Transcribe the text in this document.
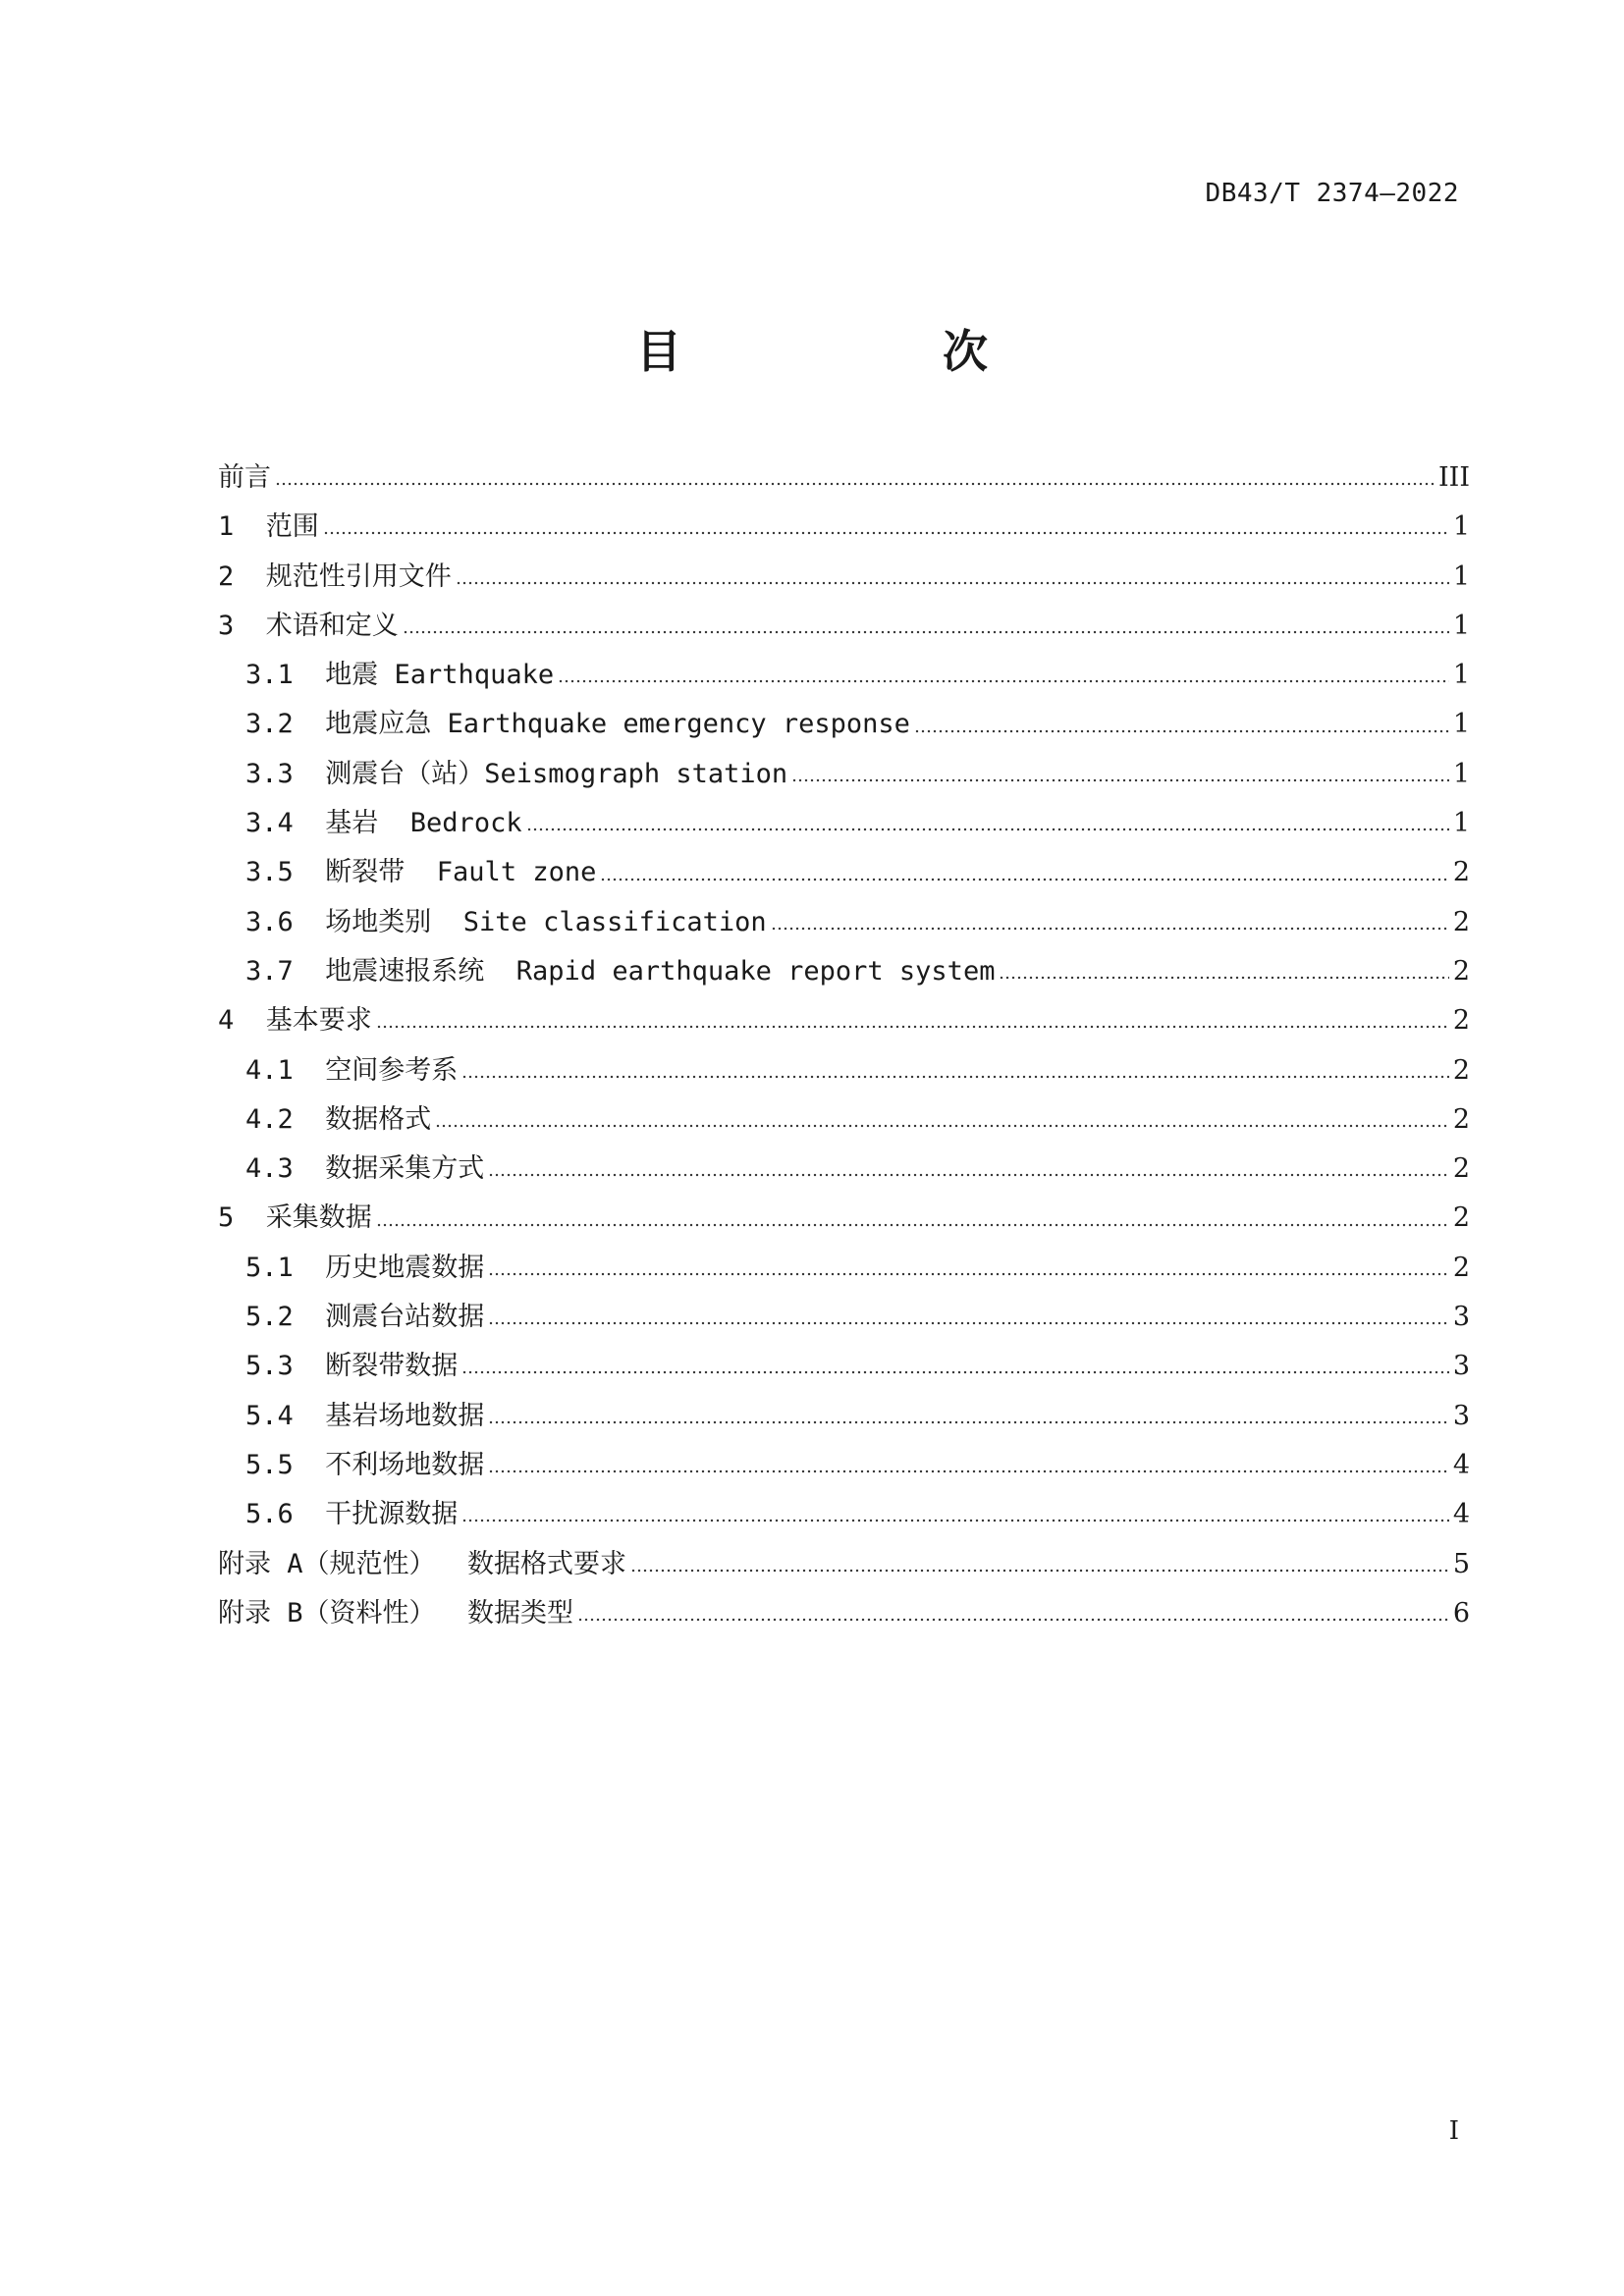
DB43/T 2374—2022
目　　次
前言	III
1 范围	1
2 规范性引用文件	1
3 术语和定义	1
3.1 地震 Earthquake	1
3.2 地震应急 Earthquake emergency response	1
3.3 测震台（站）Seismograph station	1
3.4 基岩  Bedrock	1
3.5 断裂带  Fault zone	2
3.6 场地类别  Site classification	2
3.7 地震速报系统  Rapid earthquake report system	2
4 基本要求	2
4.1 空间参考系	2
4.2 数据格式	2
4.3 数据采集方式	2
5 采集数据	2
5.1 历史地震数据	2
5.2 测震台站数据	3
5.3 断裂带数据	3
5.4 基岩场地数据	3
5.5 不利场地数据	4
5.6 干扰源数据	4
附录 A（规范性）  数据格式要求	5
附录 B（资料性）  数据类型	6
I
